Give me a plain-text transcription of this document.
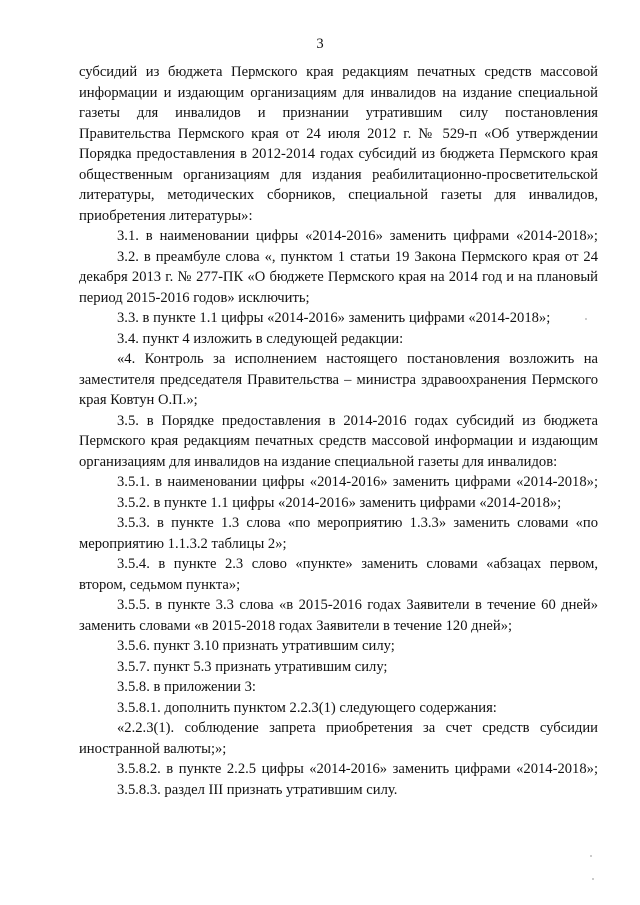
3

субсидий из бюджета Пермского края редакциям печатных средств массовой информации и издающим организациям для инвалидов на издание специальной газеты для инвалидов и признании утратившим силу постановления Правительства Пермского края от 24 июля 2012 г. № 529-п «Об утверждении Порядка предоставления в 2012-2014 годах субсидий из бюджета Пермского края общественным организациям для издания реабилитационно-просветительской литературы, методических сборников, специальной газеты для инвалидов, приобретения литературы»:

3.1. в наименовании цифры «2014-2016» заменить цифрами «2014-2018»;

3.2. в преамбуле слова «, пунктом 1 статьи 19 Закона Пермского края от 24 декабря 2013 г. № 277-ПК «О бюджете Пермского края на 2014 год и на плановый период 2015-2016 годов» исключить;

3.3. в пункте 1.1 цифры «2014-2016» заменить цифрами «2014-2018»;

3.4. пункт 4 изложить в следующей редакции:

«4. Контроль за исполнением настоящего постановления возложить на заместителя председателя Правительства – министра здравоохранения Пермского края Ковтун О.П.»;

3.5. в Порядке предоставления в 2014-2016 годах субсидий из бюджета Пермского края редакциям печатных средств массовой информации и издающим организациям для инвалидов на издание специальной газеты для инвалидов:

3.5.1. в наименовании цифры «2014-2016» заменить цифрами «2014-2018»;

3.5.2. в пункте 1.1 цифры «2014-2016» заменить цифрами «2014-2018»;

3.5.3. в пункте 1.3 слова «по мероприятию 1.3.3» заменить словами «по мероприятию 1.1.3.2 таблицы 2»;

3.5.4. в пункте 2.3 слово «пункте» заменить словами «абзацах первом, втором, седьмом пункта»;

3.5.5. в пункте 3.3 слова «в 2015-2016 годах Заявители в течение 60 дней» заменить словами «в 2015-2018 годах Заявители в течение 120 дней»;

3.5.6. пункт 3.10 признать утратившим силу;

3.5.7. пункт 5.3 признать утратившим силу;

3.5.8. в приложении 3:

3.5.8.1. дополнить пунктом 2.2.3(1) следующего содержания:

«2.2.3(1). соблюдение запрета приобретения за счет средств субсидии иностранной валюты;»;

3.5.8.2. в пункте 2.2.5 цифры «2014-2016» заменить цифрами «2014-2018»;

3.5.8.3. раздел III признать утратившим силу.
